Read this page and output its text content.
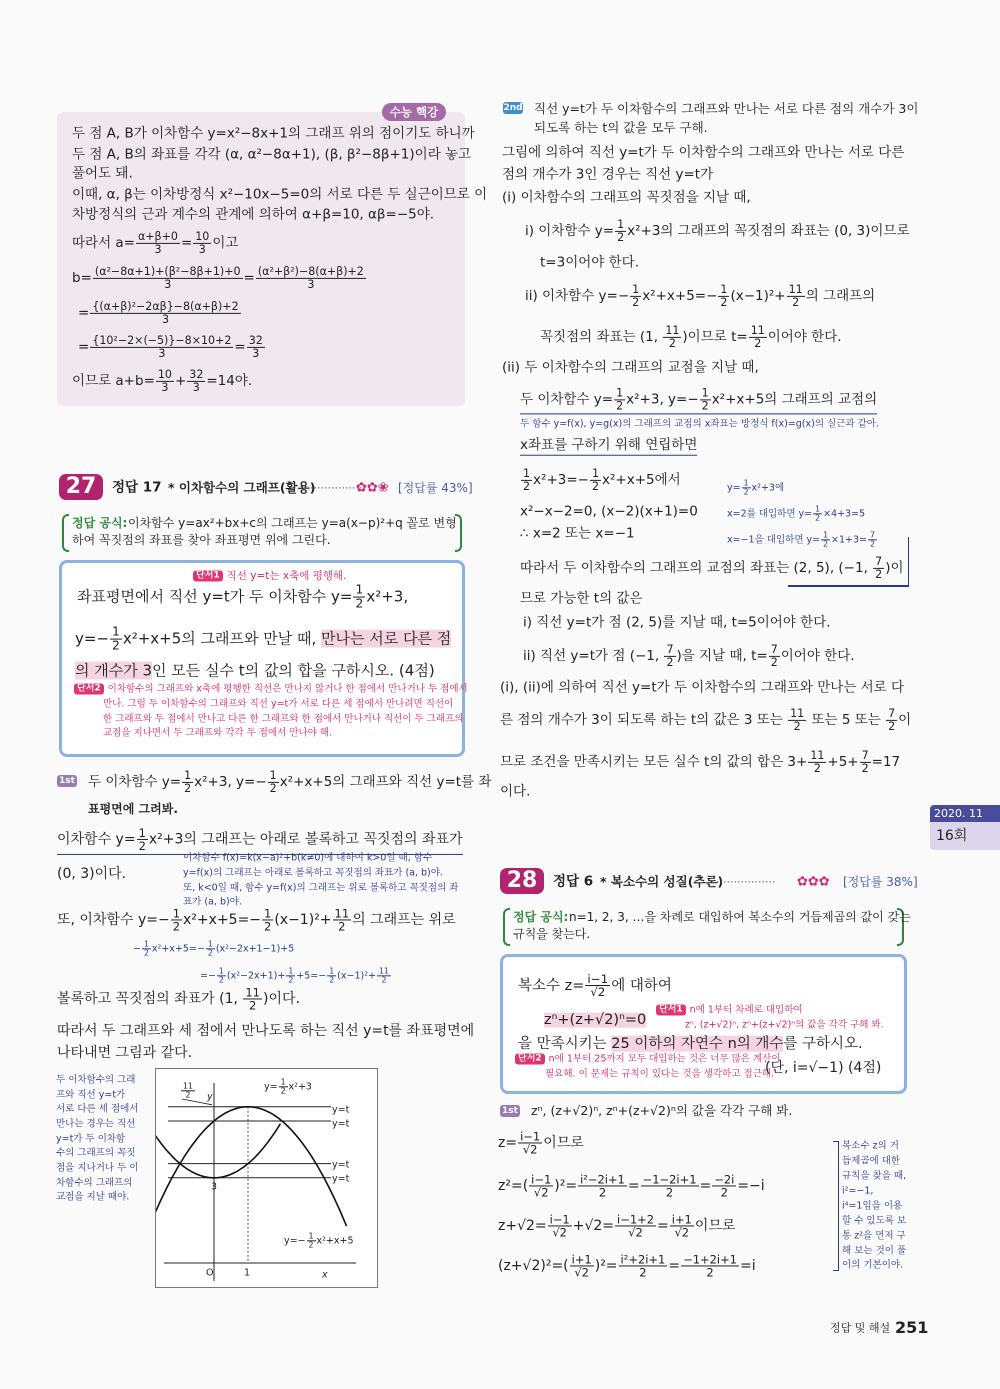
수능 핵강
두 점 A, B가 이차함수 y=x²−8x+1의 그래프 위의 점이기도 하니까
두 점 A, B의 좌표를 각각 (α, α²−8α+1), (β, β²−8β+1)이라 놓고
풀어도 돼.
이때, α, β는 이차방정식 x²−10x−5=0의 서로 다른 두 실근이므로 이
차방정식의 근과 계수의 관계에 의하여 α+β=10, αβ=−5야.
따라서 $a= \frac{\alpha+\beta+0}{3} = \frac{10}{3}$ 이고
$b= \frac{\text{(α²−8α+1)+(β²−8β+1)+0}}{3} = \frac{\text{(α²+β²)−8(α+β)+2}}{3}$
= $\frac{\text{\{(α+β)²−2αβ\}−8(α+β)+2}}{3}$
= $\frac{\text{\{10²−2×(−5)\}−8×10+2}}{3} = \frac{32}{3}$
이므로 $a+b= \frac{10}{3} + \frac{32}{3} =14$야.
27	정답 17 * 이차함수의 그래프(활용)
·················
✿✿❀ [정답률 43%]
정답 공식: 이차함수 y=ax²+bx+c의 그래프는 y=a(x−p)²+q 꼴로 변형
하여 꼭짓점의 좌표를 찾아 좌표평면 위에 그린다.
단서1 직선 y=t는 x축에 평행해.
좌표평면에서 직선 y=t가 두 이차함수 $y= \frac{1}{2} x^2+3$,
$y=- \frac{1}{2} x^2+x+5$의 그래프와 만날 때, 만나는 서로 다른 점
의 개수가 3인 모든 실수 t의 값의 합을 구하시오. (4점)
단서2 이차함수의 그래프와 x축에 평행한 직선은 만나지 않거나 한 점에서 만나거나 두 점에서
만나. 그럼 두 이차함수의 그래프와 직선 y=t가 서로 다른 세 점에서 만나려면 직선이
한 그래프와 두 점에서 만나고 다른 한 그래프와 한 점에서 만나거나 직선이 두 그래프의
교점을 지나면서 두 그래프와 각각 두 점에서 만나야 해.
1st 두 이차함수 $y= \frac{1}{2} x^2+3$, $y=- \frac{1}{2} x^2+x+5$의 그래프와 직선 y=t를 좌
표평면에 그려봐.
이차함수 $y= \frac{1}{2} x^2+3$의 그래프는 아래로 볼록하고 꼭짓점의 좌표가
(0, 3)이다.
이차함수 f(x)=k(x−a)²+b(k≠0)에 대하여 k>0일 때, 함수
y=f(x)의 그래프는 아래로 볼록하고 꼭짓점의 좌표가 (a, b)야.
또, k<0일 때, 함수 y=f(x)의 그래프는 위로 볼록하고 꼭짓점의 좌
표가 (a, b)야.
또, 이차함수 $y=- \frac{1}{2} x^2+x+5=- \frac{1}{2} (x-1)^2+ \frac{11}{2}$ 의 그래프는 위로
− $\frac{1}{2} x^2+x+5=- \frac{1}{2} (x^2-2x+1-1)+5$
=− $\frac{1}{2} (x^2-2x+1)+ \frac{1}{2} +5=- \frac{1}{2} (x-1)^2+ \frac{11}{2}$
볼록하고 꼭짓점의 좌표가 (1, $\frac{11}{2}$ )이다.
따라서 두 그래프와 세 점에서 만나도록 하는 직선 y=t를 좌표평면에
나타내면 그림과 같다.
두 이차함수의 그래
프와 직선 y=t가
서로 다른 세 점에서
만나는 경우는 직선
y=t가 두 이차함
수의 그래프의 꼭짓
점을 지나거나 두 이
차함수의 그래프의
교점을 지날 때야.
$\frac{11}{2}$	$y= \frac{1}{2} x^2+3$
$y=- \frac{1}{2} x^2+x+5$
y=t
y=t
y=t
y=t
y
x
O	1
3
2nd 직선 y=t가 두 이차함수의 그래프와 만나는 서로 다른 점의 개수가 3이
되도록 하는 t의 값을 모두 구해.
그림에 의하여 직선 y=t가 두 이차함수의 그래프와 만나는 서로 다른
점의 개수가 3인 경우는 직선 y=t가
(i) 이차함수의 그래프의 꼭짓점을 지날 때,
i) 이차함수 $y= \frac{1}{2} x^2+3$의 그래프의 꼭짓점의 좌표는 (0, 3)이므로
t=3이어야 한다.
ii) 이차함수 $y=- \frac{1}{2} x^2+x+5=- \frac{1}{2} (x-1)^2+ \frac{11}{2}$ 의 그래프의
꼭짓점의 좌표는 (1, $\frac{11}{2}$ )이므로 $t= \frac{11}{2}$ 이어야 한다.
(ii) 두 이차함수의 그래프의 교점을 지날 때,
두 이차함수 $y= \frac{1}{2} x^2+3$, $y=- \frac{1}{2} x^2+x+5$의 그래프의 교점의
두 함수 y=f(x), y=g(x)의 그래프의 교점의 x좌표는 방정식 f(x)=g(x)의 실근과 같아.
x좌표를 구하기 위해 연립하면
$\frac{1}{2} x^2+3=- \frac{1}{2} x^2+x+5$에서	$y= \frac{1}{2} x^2+3$에
x²−x−2=0, (x−2)(x+1)=0	x=2를 대입하면 $y= \frac{1}{2} \times 4+3=5$
∴ x=2 또는 x=−1	x=−1을 대입하면 $y= \frac{1}{2} \times 1+3= \frac{7}{2}$
따라서 두 이차함수의 그래프의 교점의 좌표는 (2, 5), (−1, $\frac{7}{2}$ )이
므로 가능한 t의 값은
i) 직선 y=t가 점 (2, 5)를 지날 때, t=5이어야 한다.
ii) 직선 y=t가 점 (−1, $\frac{7}{2}$ )을 지날 때, $t= \frac{7}{2}$ 이어야 한다.
(i), (ii)에 의하여 직선 y=t가 두 이차함수의 그래프와 만나는 서로 다
른 점의 개수가 3이 되도록 하는 t의 값은 3 또는 $\frac{11}{2}$ 또는 5 또는 $\frac{7}{2}$ 이
므로 조건을 만족시키는 모든 실수 t의 값의 합은 $3+ \frac{11}{2} +5+ \frac{7}{2} =17$
이다.
2020. 11
16회
28	정답 6 * 복소수의 성질(추론)
················· ✿✿✿ [정답률 38%]
정답 공식: n=1, 2, 3, …을 차례로 대입하여 복소수의 거듭제곱의 값이 갖는
규칙을 찾는다.
복소수 $z= \frac{i-1}{√2}$ 에 대하여
zⁿ+(z+√2)ⁿ=0
단서1 n에 1부터 차례로 대입하여
zⁿ, (z+√2)ⁿ, zⁿ+(z+√2)ⁿ의 값을 각각 구해 봐.
을 만족시키는 25 이하의 자연수 n의 개수를 구하시오.
단서2 n에 1부터 25까지 모두 대입하는 것은 너무 많은 계산이
필요해. 이 문제는 규칙이 있다는 것을 생각하고 접근해.
(단, i=√−1) (4점)
1st zⁿ, (z+√2)ⁿ, zⁿ+(z+√2)ⁿ의 값을 각각 구해 봐.
$z= \frac{i-1}{√2}$ 이므로
$z^2=( \frac{i-1}{√2} )^2= \frac{\text{i²−2i+1}}{2} = \frac{-1-2i+1}{2} = \frac{-2i}{2} =-i$
$z+√2= \frac{i-1}{√2} +√2= \frac{i-1+2}{√2} = \frac{i+1}{√2}$ 이므로
$(z+√2)^2=( \frac{i+1}{√2} )^2= \frac{\text{i²+2i+1}}{2} = \frac{-1+2i+1}{2} =i$
복소수 z의 거
듭제곱에 대한
규칙을 찾을 때,
i²=−1,
i⁴=1임을 이용
할 수 있도록 보
통 z²을 먼저 구
해 보는 것이 풀
이의 기본이야.
정답 및 해설 251
